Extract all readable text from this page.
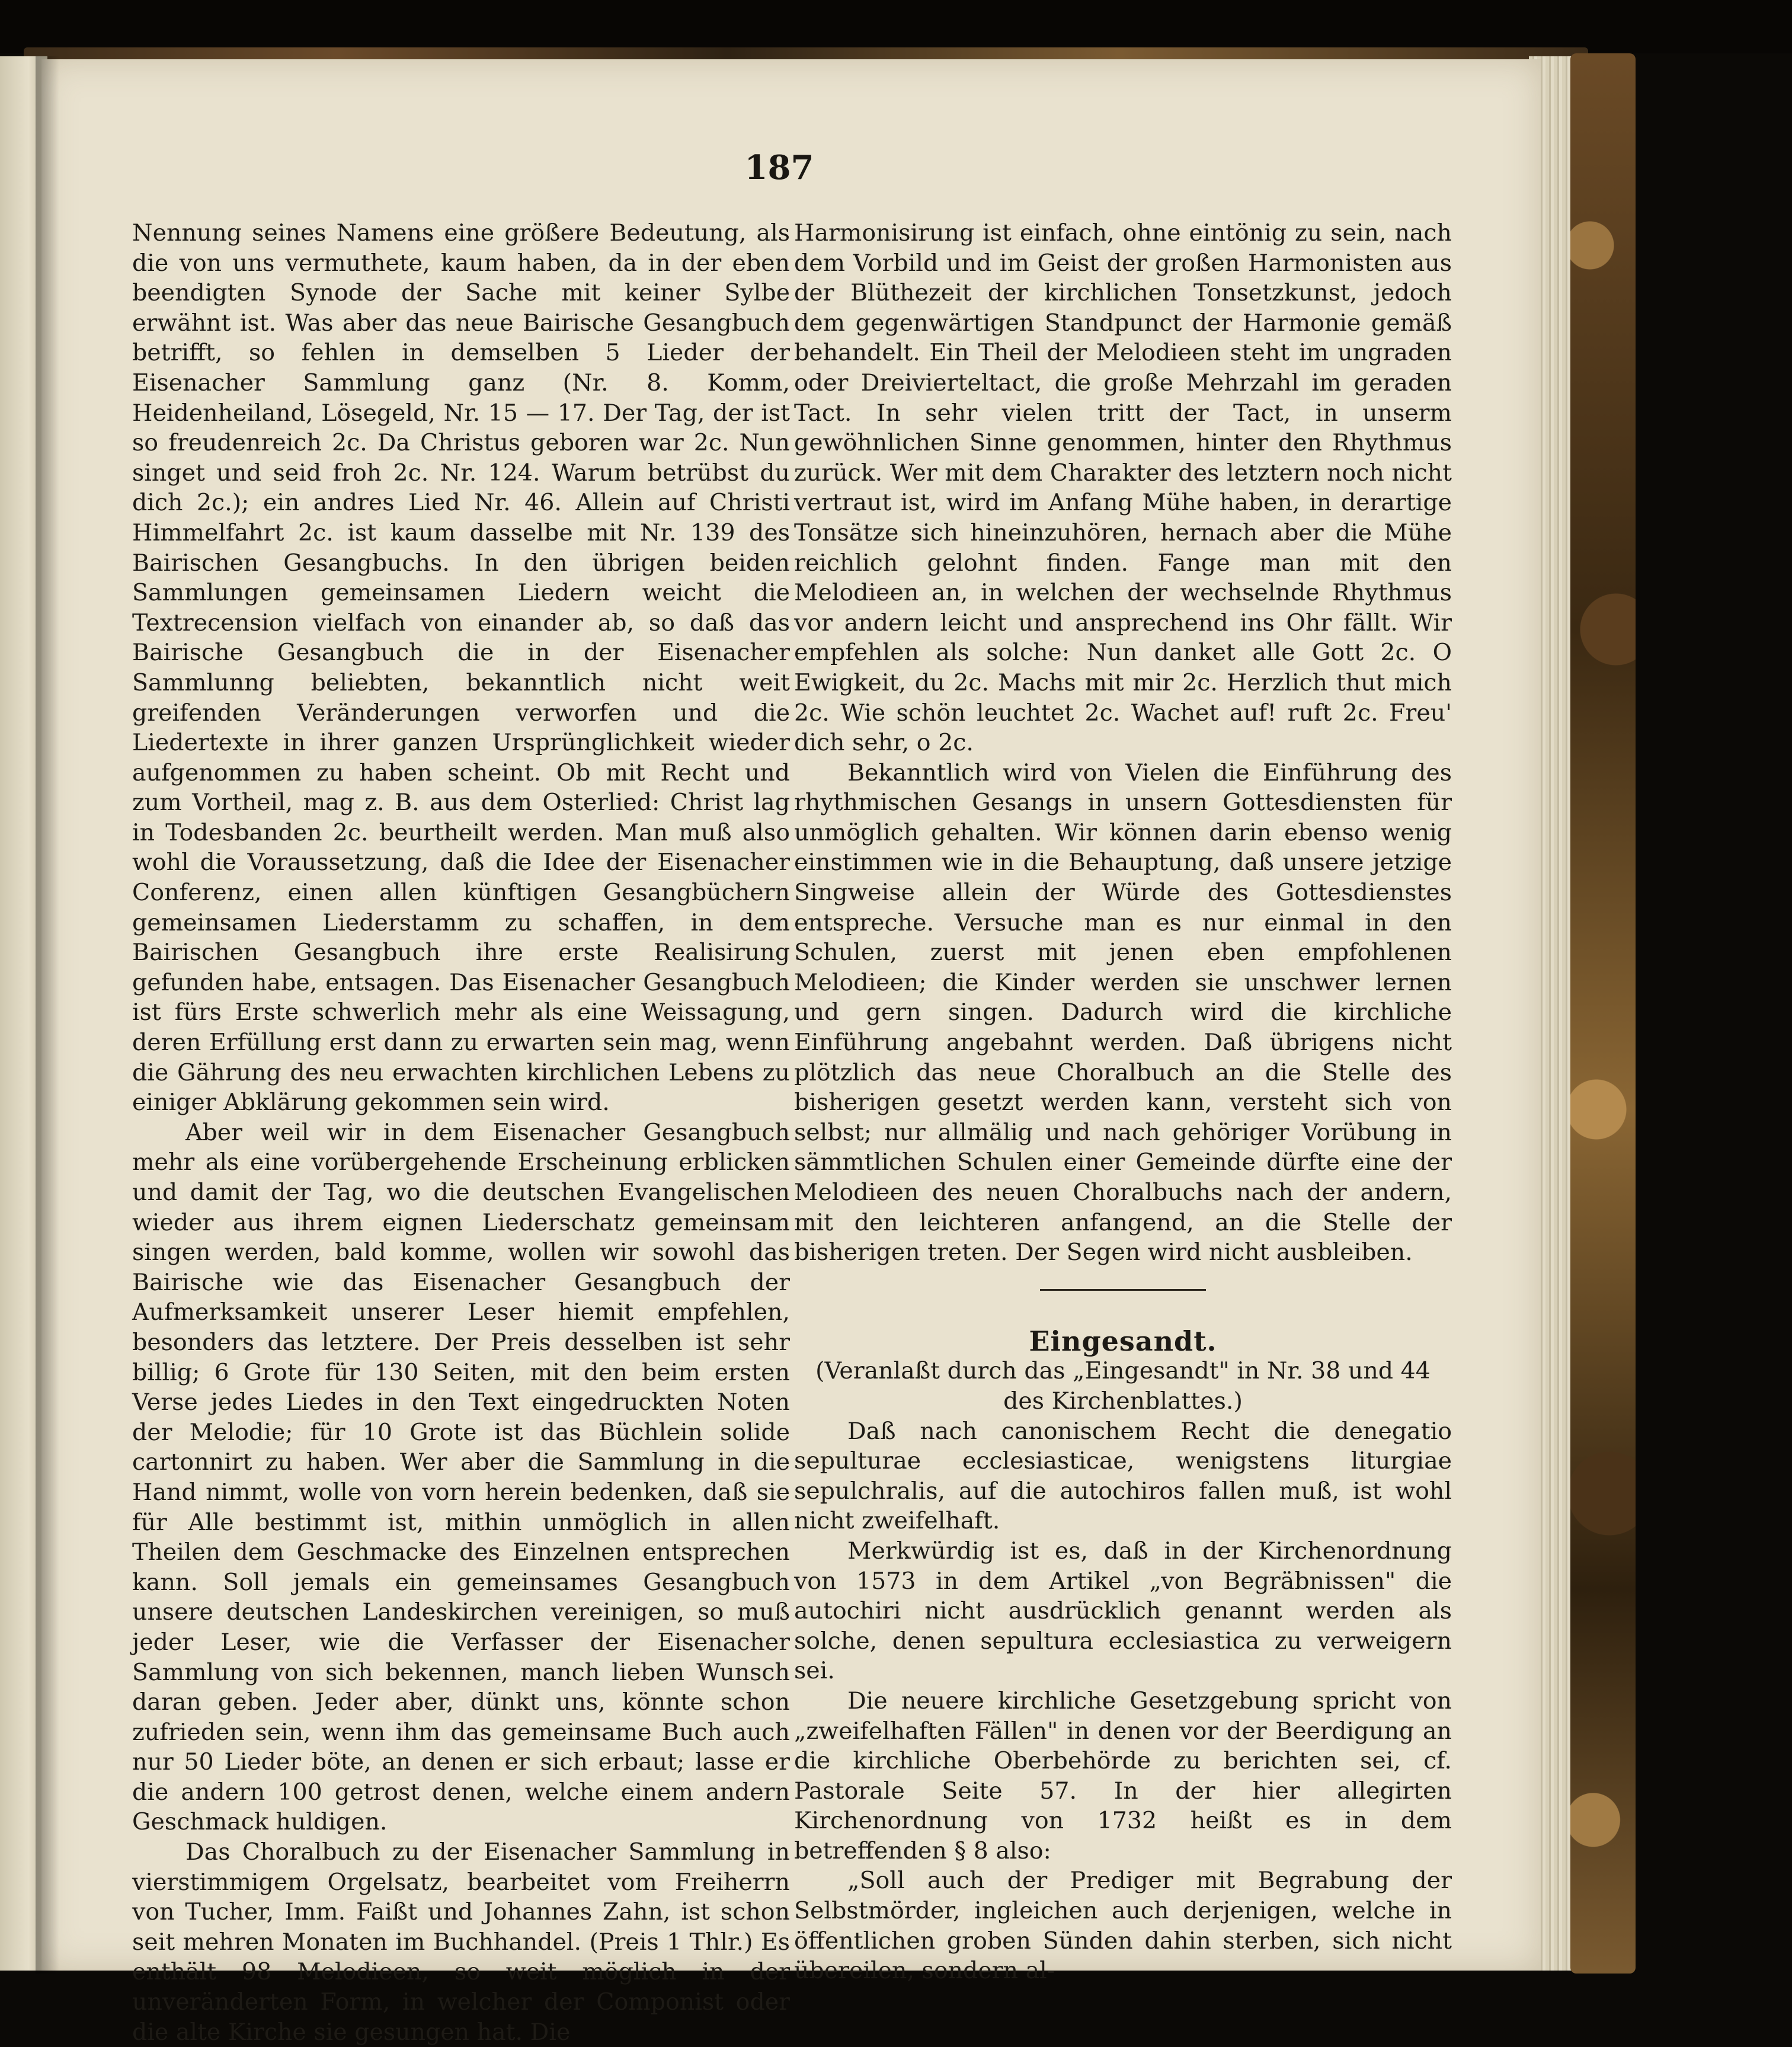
187

Nennung seines Namens eine größere Bedeutung, als die von uns vermuthete, kaum haben, da in der eben beendigten Synode der Sache mit keiner Sylbe erwähnt ist. Was aber das neue Bairische Gesangbuch betrifft, so fehlen in demselben 5 Lieder der Eisenacher Sammlung ganz (Nr. 8. Komm, Heidenheiland, Lösegeld, Nr. 15 — 17. Der Tag, der ist so freudenreich 2c. Da Christus geboren war 2c. Nun singet und seid froh 2c. Nr. 124. Warum betrübst du dich 2c.); ein andres Lied Nr. 46. Allein auf Christi Himmelfahrt 2c. ist kaum dasselbe mit Nr. 139 des Bairischen Gesangbuchs. In den übrigen beiden Sammlungen gemeinsamen Liedern weicht die Textrecension vielfach von einander ab, so daß das Bairische Gesangbuch die in der Eisenacher Sammlunng beliebten, bekanntlich nicht weit greifenden Veränderungen verworfen und die Liedertexte in ihrer ganzen Ursprünglichkeit wieder aufgenommen zu haben scheint. Ob mit Recht und zum Vortheil, mag z. B. aus dem Osterlied: Christ lag in Todesbanden 2c. beurtheilt werden. Man muß also wohl die Voraussetzung, daß die Idee der Eisenacher Conferenz, einen allen künftigen Gesangbüchern gemeinsamen Liederstamm zu schaffen, in dem Bairischen Gesangbuch ihre erste Realisirung gefunden habe, entsagen. Das Eisenacher Gesangbuch ist fürs Erste schwerlich mehr als eine Weissagung, deren Erfüllung erst dann zu erwarten sein mag, wenn die Gährung des neu erwachten kirchlichen Lebens zu einiger Abklärung gekommen sein wird.

Aber weil wir in dem Eisenacher Gesangbuch mehr als eine vorübergehende Erscheinung erblicken und damit der Tag, wo die deutschen Evangelischen wieder aus ihrem eignen Liederschatz gemeinsam singen werden, bald komme, wollen wir sowohl das Bairische wie das Eisenacher Gesangbuch der Aufmerksamkeit unserer Leser hiemit empfehlen, besonders das letztere. Der Preis desselben ist sehr billig; 6 Grote für 130 Seiten, mit den beim ersten Verse jedes Liedes in den Text eingedruckten Noten der Melodie; für 10 Grote ist das Büchlein solide cartonnirt zu haben. Wer aber die Sammlung in die Hand nimmt, wolle von vorn herein bedenken, daß sie für Alle bestimmt ist, mithin unmöglich in allen Theilen dem Geschmacke des Einzelnen entsprechen kann. Soll jemals ein gemeinsames Gesangbuch unsere deutschen Landeskirchen vereinigen, so muß jeder Leser, wie die Verfasser der Eisenacher Sammlung von sich bekennen, manch lieben Wunsch daran geben. Jeder aber, dünkt uns, könnte schon zufrieden sein, wenn ihm das gemeinsame Buch auch nur 50 Lieder böte, an denen er sich erbaut; lasse er die andern 100 getrost denen, welche einem andern Geschmack huldigen.

Das Choralbuch zu der Eisenacher Sammlung in vierstimmigem Orgelsatz, bearbeitet vom Freiherrn von Tucher, Imm. Faißt und Johannes Zahn, ist schon seit mehren Monaten im Buchhandel. (Preis 1 Thlr.) Es enthält 98 Melodieen, so weit möglich in der unveränderten Form, in welcher der Componist oder die alte Kirche sie gesungen hat. Die

Harmonisirung ist einfach, ohne eintönig zu sein, nach dem Vorbild und im Geist der großen Harmonisten aus der Blüthezeit der kirchlichen Tonsetzkunst, jedoch dem gegenwärtigen Standpunct der Harmonie gemäß behandelt. Ein Theil der Melodieen steht im ungraden oder Dreivierteltact, die große Mehrzahl im geraden Tact. In sehr vielen tritt der Tact, in unserm gewöhnlichen Sinne genommen, hinter den Rhythmus zurück. Wer mit dem Charakter des letztern noch nicht vertraut ist, wird im Anfang Mühe haben, in derartige Tonsätze sich hineinzuhören, hernach aber die Mühe reichlich gelohnt finden. Fange man mit den Melodieen an, in welchen der wechselnde Rhythmus vor andern leicht und ansprechend ins Ohr fällt. Wir empfehlen als solche: Nun danket alle Gott 2c. O Ewigkeit, du 2c. Machs mit mir 2c. Herzlich thut mich 2c. Wie schön leuchtet 2c. Wachet auf! ruft 2c. Freu' dich sehr, o 2c.

Bekanntlich wird von Vielen die Einführung des rhythmischen Gesangs in unsern Gottesdiensten für unmöglich gehalten. Wir können darin ebenso wenig einstimmen wie in die Behauptung, daß unsere jetzige Singweise allein der Würde des Gottesdienstes entspreche. Versuche man es nur einmal in den Schulen, zuerst mit jenen eben empfohlenen Melodieen; die Kinder werden sie unschwer lernen und gern singen. Dadurch wird die kirchliche Einführung angebahnt werden. Daß übrigens nicht plötzlich das neue Choralbuch an die Stelle des bisherigen gesetzt werden kann, versteht sich von selbst; nur allmälig und nach gehöriger Vorübung in sämmtlichen Schulen einer Gemeinde dürfte eine der Melodieen des neuen Choralbuchs nach der andern, mit den leichteren anfangend, an die Stelle der bisherigen treten. Der Segen wird nicht ausbleiben.

Eingesandt.

(Veranlaßt durch das „Eingesandt" in Nr. 38 und 44 des Kirchenblattes.)

Daß nach canonischem Recht die denegatio sepulturae ecclesiasticae, wenigstens liturgiae sepulchralis, auf die autochiros fallen muß, ist wohl nicht zweifelhaft.

Merkwürdig ist es, daß in der Kirchenordnung von 1573 in dem Artikel „von Begräbnissen" die autochiri nicht ausdrücklich genannt werden als solche, denen sepultura ecclesiastica zu verweigern sei.

Die neuere kirchliche Gesetzgebung spricht von „zweifelhaften Fällen" in denen vor der Beerdigung an die kirchliche Oberbehörde zu berichten sei, cf. Pastorale Seite 57. In der hier allegirten Kirchenordnung von 1732 heißt es in dem betreffenden § 8 also:

„Soll auch der Prediger mit Begrabung der Selbstmörder, ingleichen auch derjenigen, welche in öffentlichen groben Sünden dahin sterben, sich nicht übereilen, sondern al-
